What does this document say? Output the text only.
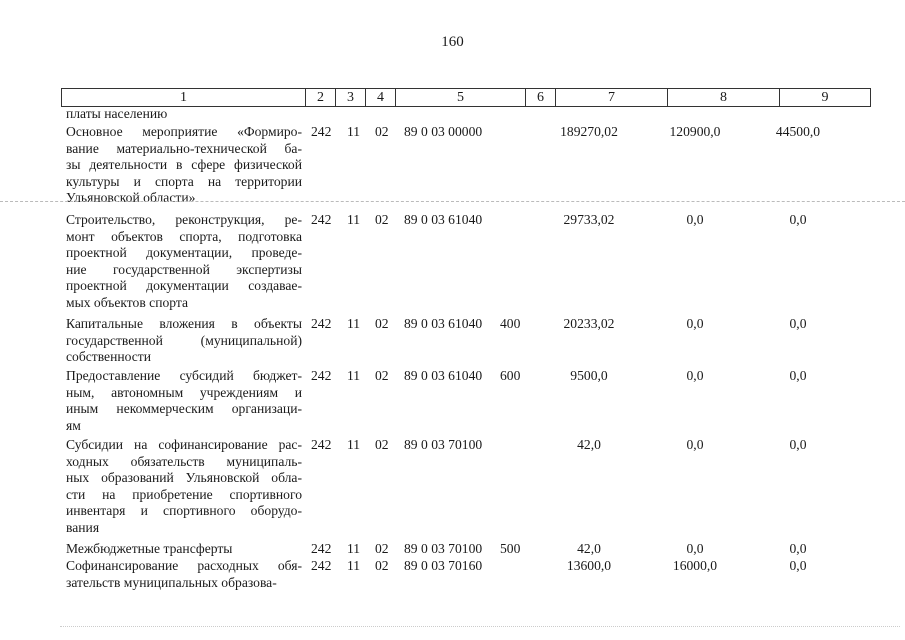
160
1	2	3	4	5	6	7	8	9
платы населению
Основное мероприятие «Формиро-
вание материально-технической ба-
зы деятельности в сфере физической
культуры и спорта на территории
Ульяновской области»
242 11 02 89 0 03 00000	189270,02	120900,0	44500,0
Строительство, реконструкция, ре-
монт объектов спорта, подготовка
проектной документации, проведе-
ние государственной экспертизы
проектной документации создавае-
мых объектов спорта
242 11 02 89 0 03 61040	29733,02	0,0	0,0
Капитальные вложения в объекты
государственной (муниципальной)
собственности
242 11 02 89 0 03 61040 400	20233,02	0,0	0,0
Предоставление субсидий бюджет-
ным, автономным учреждениям и
иным некоммерческим организаци-
ям
242 11 02 89 0 03 61040 600	9500,0	0,0	0,0
Субсидии на софинансирование рас-
ходных обязательств муниципаль-
ных образований Ульяновской обла-
сти на приобретение спортивного
инвентаря и спортивного оборудо-
вания
242 11 02 89 0 03 70100	42,0	0,0	0,0
Межбюджетные трансферты	242 11 02 89 0 03 70100 500	42,0	0,0	0,0
Софинансирование расходных обя-
зательств муниципальных образова-
242 11 02 89 0 03 70160	13600,0	16000,0	0,0
